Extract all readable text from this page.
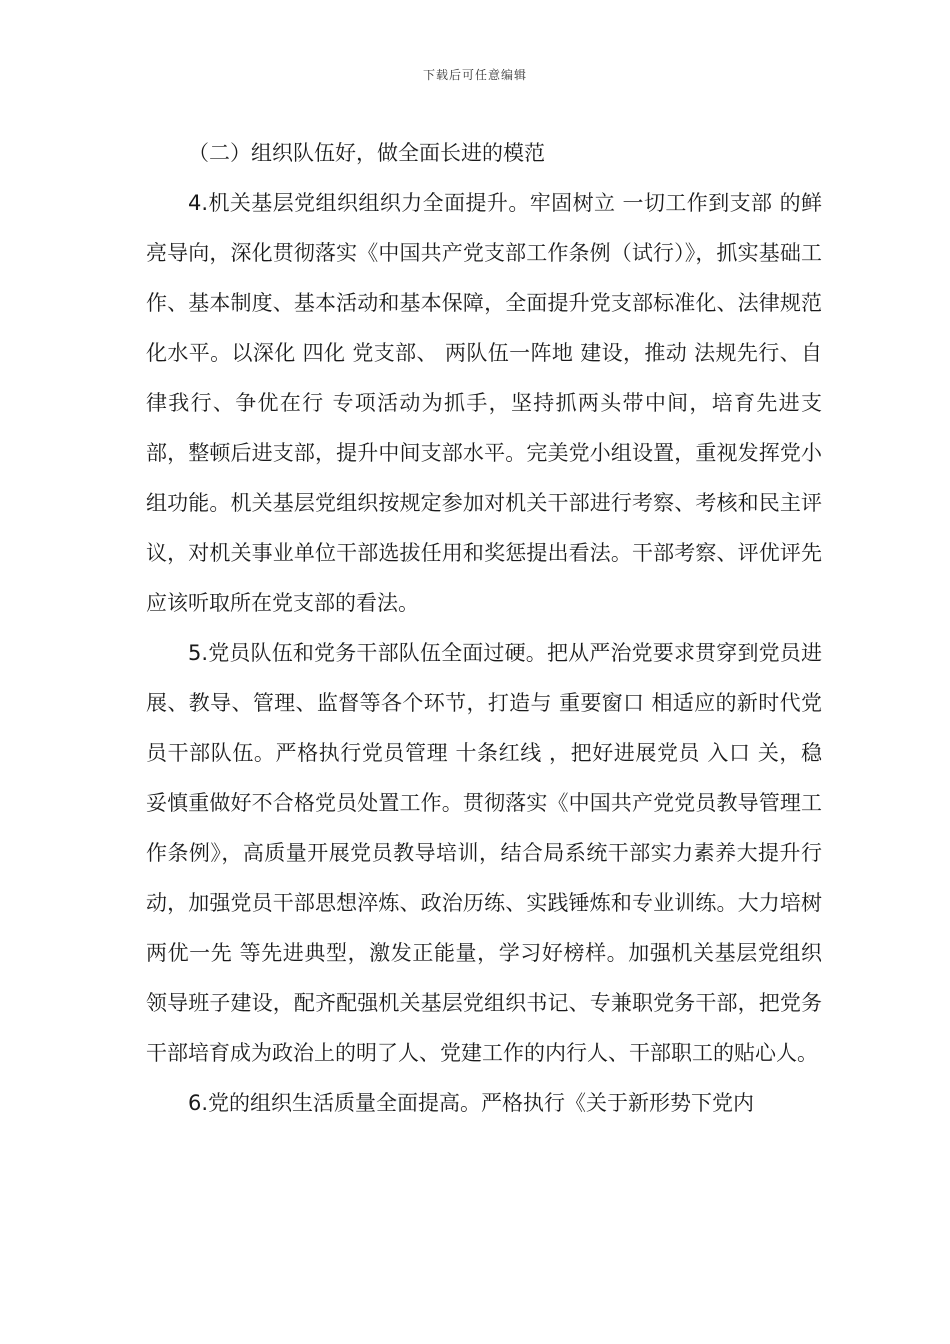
下载后可任意编辑

（二）组织队伍好，做全面长进的模范

4.机关基层党组织组织力全面提升。牢固树立 一切工作到支部 的鲜亮导向，深化贯彻落实《中国共产党支部工作条例（试行）》，抓实基础工作、基本制度、基本活动和基本保障，全面提升党支部标准化、法律规范化水平。以深化 四化 党支部、 两队伍一阵地 建设，推动 法规先行、自律我行、争优在行 专项活动为抓手，坚持抓两头带中间，培育先进支部，整顿后进支部，提升中间支部水平。完美党小组设置，重视发挥党小组功能。机关基层党组织按规定参加对机关干部进行考察、考核和民主评议，对机关事业单位干部选拔任用和奖惩提出看法。干部考察、评优评先应该听取所在党支部的看法。

5.党员队伍和党务干部队伍全面过硬。把从严治党要求贯穿到党员进展、教导、管理、监督等各个环节，打造与 重要窗口 相适应的新时代党员干部队伍。严格执行党员管理 十条红线 ，把好进展党员 入口 关，稳妥慎重做好不合格党员处置工作。贯彻落实《中国共产党党员教导管理工作条例》，高质量开展党员教导培训，结合局系统干部实力素养大提升行动，加强党员干部思想淬炼、政治历练、实践锤炼和专业训练。大力培树 两优一先 等先进典型，激发正能量，学习好榜样。加强机关基层党组织领导班子建设，配齐配强机关基层党组织书记、专兼职党务干部，把党务干部培育成为政治上的明了人、党建工作的内行人、干部职工的贴心人。

6.党的组织生活质量全面提高。严格执行《关于新形势下党内
